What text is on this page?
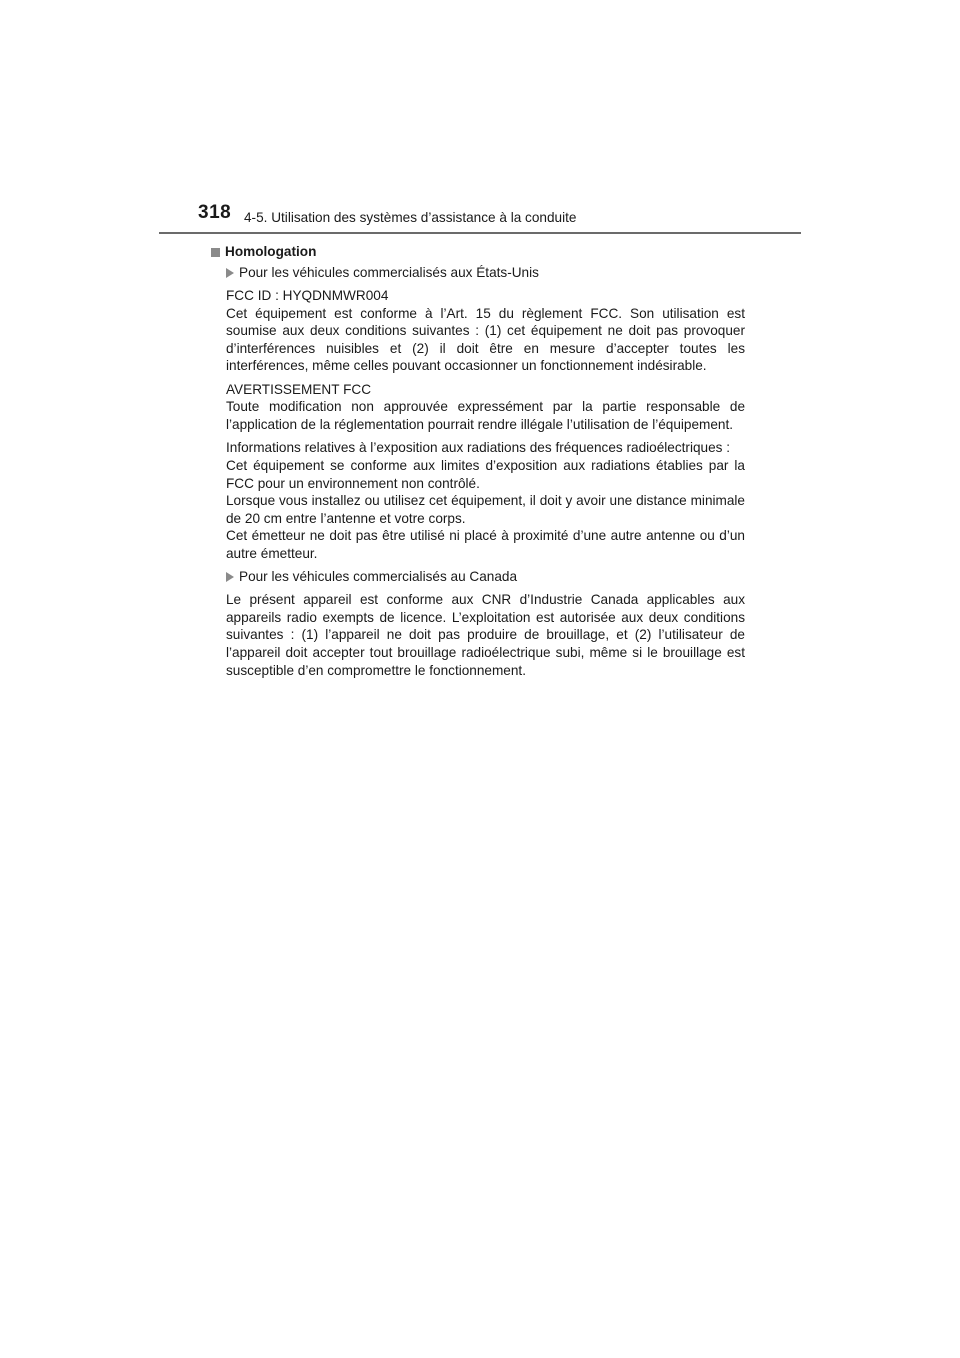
318 4-5. Utilisation des systèmes d’assistance à la conduite
Homologation
Pour les véhicules commercialisés aux États-Unis
FCC ID : HYQDNMWR004
Cet équipement est conforme à l’Art. 15 du règlement FCC. Son utilisation est soumise aux deux conditions suivantes : (1) cet équipement ne doit pas provoquer d’interférences nuisibles et (2) il doit être en mesure d’accepter toutes les interférences, même celles pouvant occasionner un fonctionnement indésirable.
AVERTISSEMENT FCC
Toute modification non approuvée expressément par la partie responsable de l’application de la réglementation pourrait rendre illégale l’utilisation de l’équipement.
Informations relatives à l’exposition aux radiations des fréquences radioélectriques :
Cet équipement se conforme aux limites d’exposition aux radiations établies par la FCC pour un environnement non contrôlé.
Lorsque vous installez ou utilisez cet équipement, il doit y avoir une distance minimale de 20 cm entre l’antenne et votre corps.
Cet émetteur ne doit pas être utilisé ni placé à proximité d’une autre antenne ou d’un autre émetteur.
Pour les véhicules commercialisés au Canada
Le présent appareil est conforme aux CNR d’Industrie Canada applicables aux appareils radio exempts de licence. L’exploitation est autorisée aux deux conditions suivantes : (1) l’appareil ne doit pas produire de brouillage, et (2) l’utilisateur de l’appareil doit accepter tout brouillage radioélectrique subi, même si le brouillage est susceptible d’en compromettre le fonctionnement.
